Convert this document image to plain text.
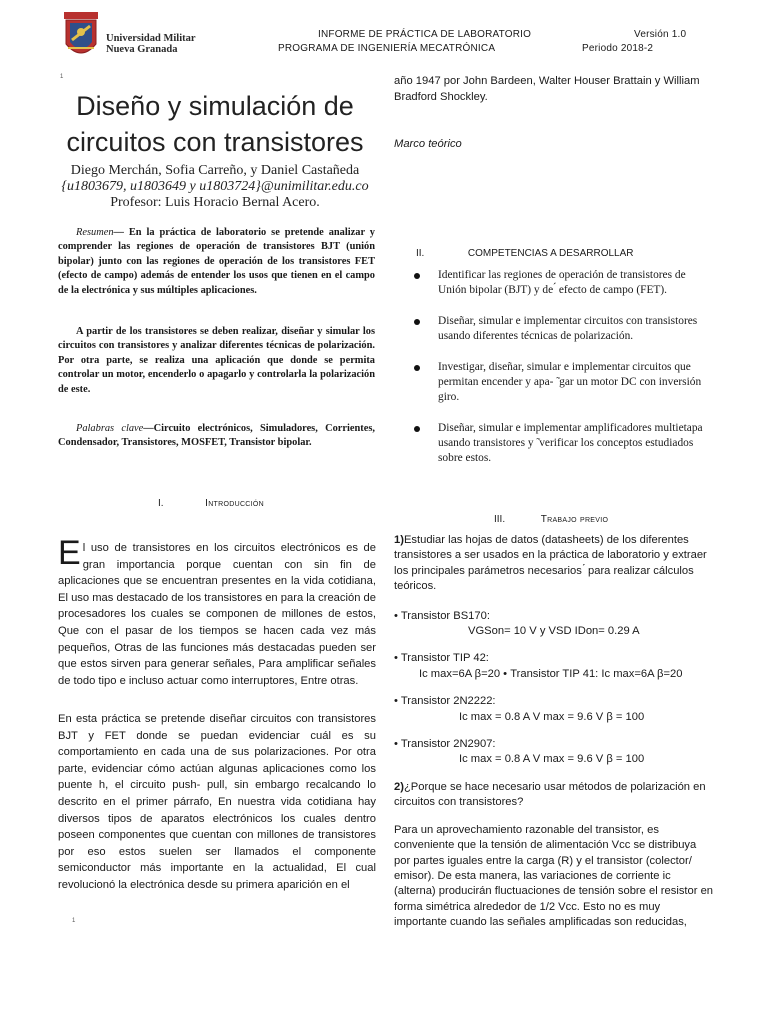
Universidad Militar
Nueva Granada
INFORME DE PRÁCTICA DE LABORATORIO	Versión 1.0
PROGRAMA DE INGENIERÍA MECATRÓNICA	Periodo 2018-2
1
Diseño y simulación de
circuitos con transistores
Diego Merchán, Sofia Carreño, y Daniel Castañeda
{u1803679, u1803649 y u1803724}@unimilitar.edu.co
Profesor: Luis Horacio Bernal Acero.
Resumen— En la práctica de laboratorio se pretende analizar y comprender las regiones de operación de transistores BJT (unión bipolar) junto con las regiones de operación de los transistores FET (efecto de campo) además de entender los usos que tienen en el campo de la electrónica y sus múltiples aplicaciones.
A partir de los transistores se deben realizar, diseñar y simular los circuitos con transistores y analizar diferentes técnicas de polarización. Por otra parte, se realiza una aplicación que donde se permita controlar un motor, encenderlo o apagarlo y controlarla la polarización de este.
Palabras clave—Circuito electrónicos, Simuladores, Corrientes, Condensador, Transistores, MOSFET, Transistor bipolar.
I.	Introducción
El uso de transistores en los circuitos electrónicos es de gran importancia porque cuentan con sin fin de aplicaciones que se encuentran presentes en la vida cotidiana, El uso mas destacado de los transistores en para la creación de procesadores los cuales se componen de millones de estos, Que con el pasar de los tiempos se hacen cada vez más pequeños, Otras de las funciones más destacadas pueden ser que estos sirven para generar señales, Para amplificar señales de todo tipo e incluso actuar como interruptores, Entre otras.
En esta práctica se pretende diseñar circuitos con transistores BJT y FET donde se puedan evidenciar cuál es su comportamiento en cada una de sus polarizaciones. Por otra parte, evidenciar cómo actúan algunas aplicaciones como los puente h, el circuito push- pull, sin embargo recalcando lo descrito en el primer párrafo, En nuestra vida cotidiana hay diversos tipos de aparatos electrónicos los cuales dentro poseen componentes que cuentan con millones de transistores por eso estos suelen ser llamados el componente semiconductor más importante en la actualidad, El cual revolucionó la electrónica desde su primera aparición en el
1
año 1947 por John Bardeen, Walter Houser Brattain y William Bradford Shockley.
Marco teórico
II.	COMPETENCIAS A DESARROLLAR
Identificar las regiones de operación de transistores de Unión bipolar (BJT) y de ́ efecto de campo (FET).
Diseñar, simular e implementar circuitos con transistores usando diferentes técnicas de polarización.
Investigar, diseñar, simular e implementar circuitos que permitan encender y apa- ̃ gar un motor DC con inversión giro.
Diseñar, simular e implementar amplificadores multietapa usando transistores y ̃ verificar los conceptos estudiados sobre estos.
III.	Trabajo previo

1)Estudiar las hojas de datos (datasheets) de los diferentes transistores a ser usados en la práctica de laboratorio y extraer los principales parámetros necesarios ́ para realizar cálculos teóricos.

• Transistor BS170:
VGSon= 10 V y VSD IDon= 0.29 A
• Transistor TIP 42:
Ic max=6A β=20 • Transistor TIP 41: Ic max=6A β=20
• Transistor 2N2222:
Ic max = 0.8 A V max = 9.6 V β = 100
• Transistor 2N2907:
Ic max = 0.8 A V max = 9.6 V β = 100

2)¿Porque se hace necesario usar métodos de polarización en circuitos con transistores?

Para un aprovechamiento razonable del transistor, es conveniente que la tensión de alimentación Vcc se distribuya por partes iguales entre la carga (R) y el transistor (colector/ emisor). De esta manera, las variaciones de corriente ic (alterna) producirán fluctuaciones de tensión sobre el resistor en forma simétrica alrededor de 1/2 Vcc. Esto no es muy importante cuando las señales amplificadas son reducidas,
